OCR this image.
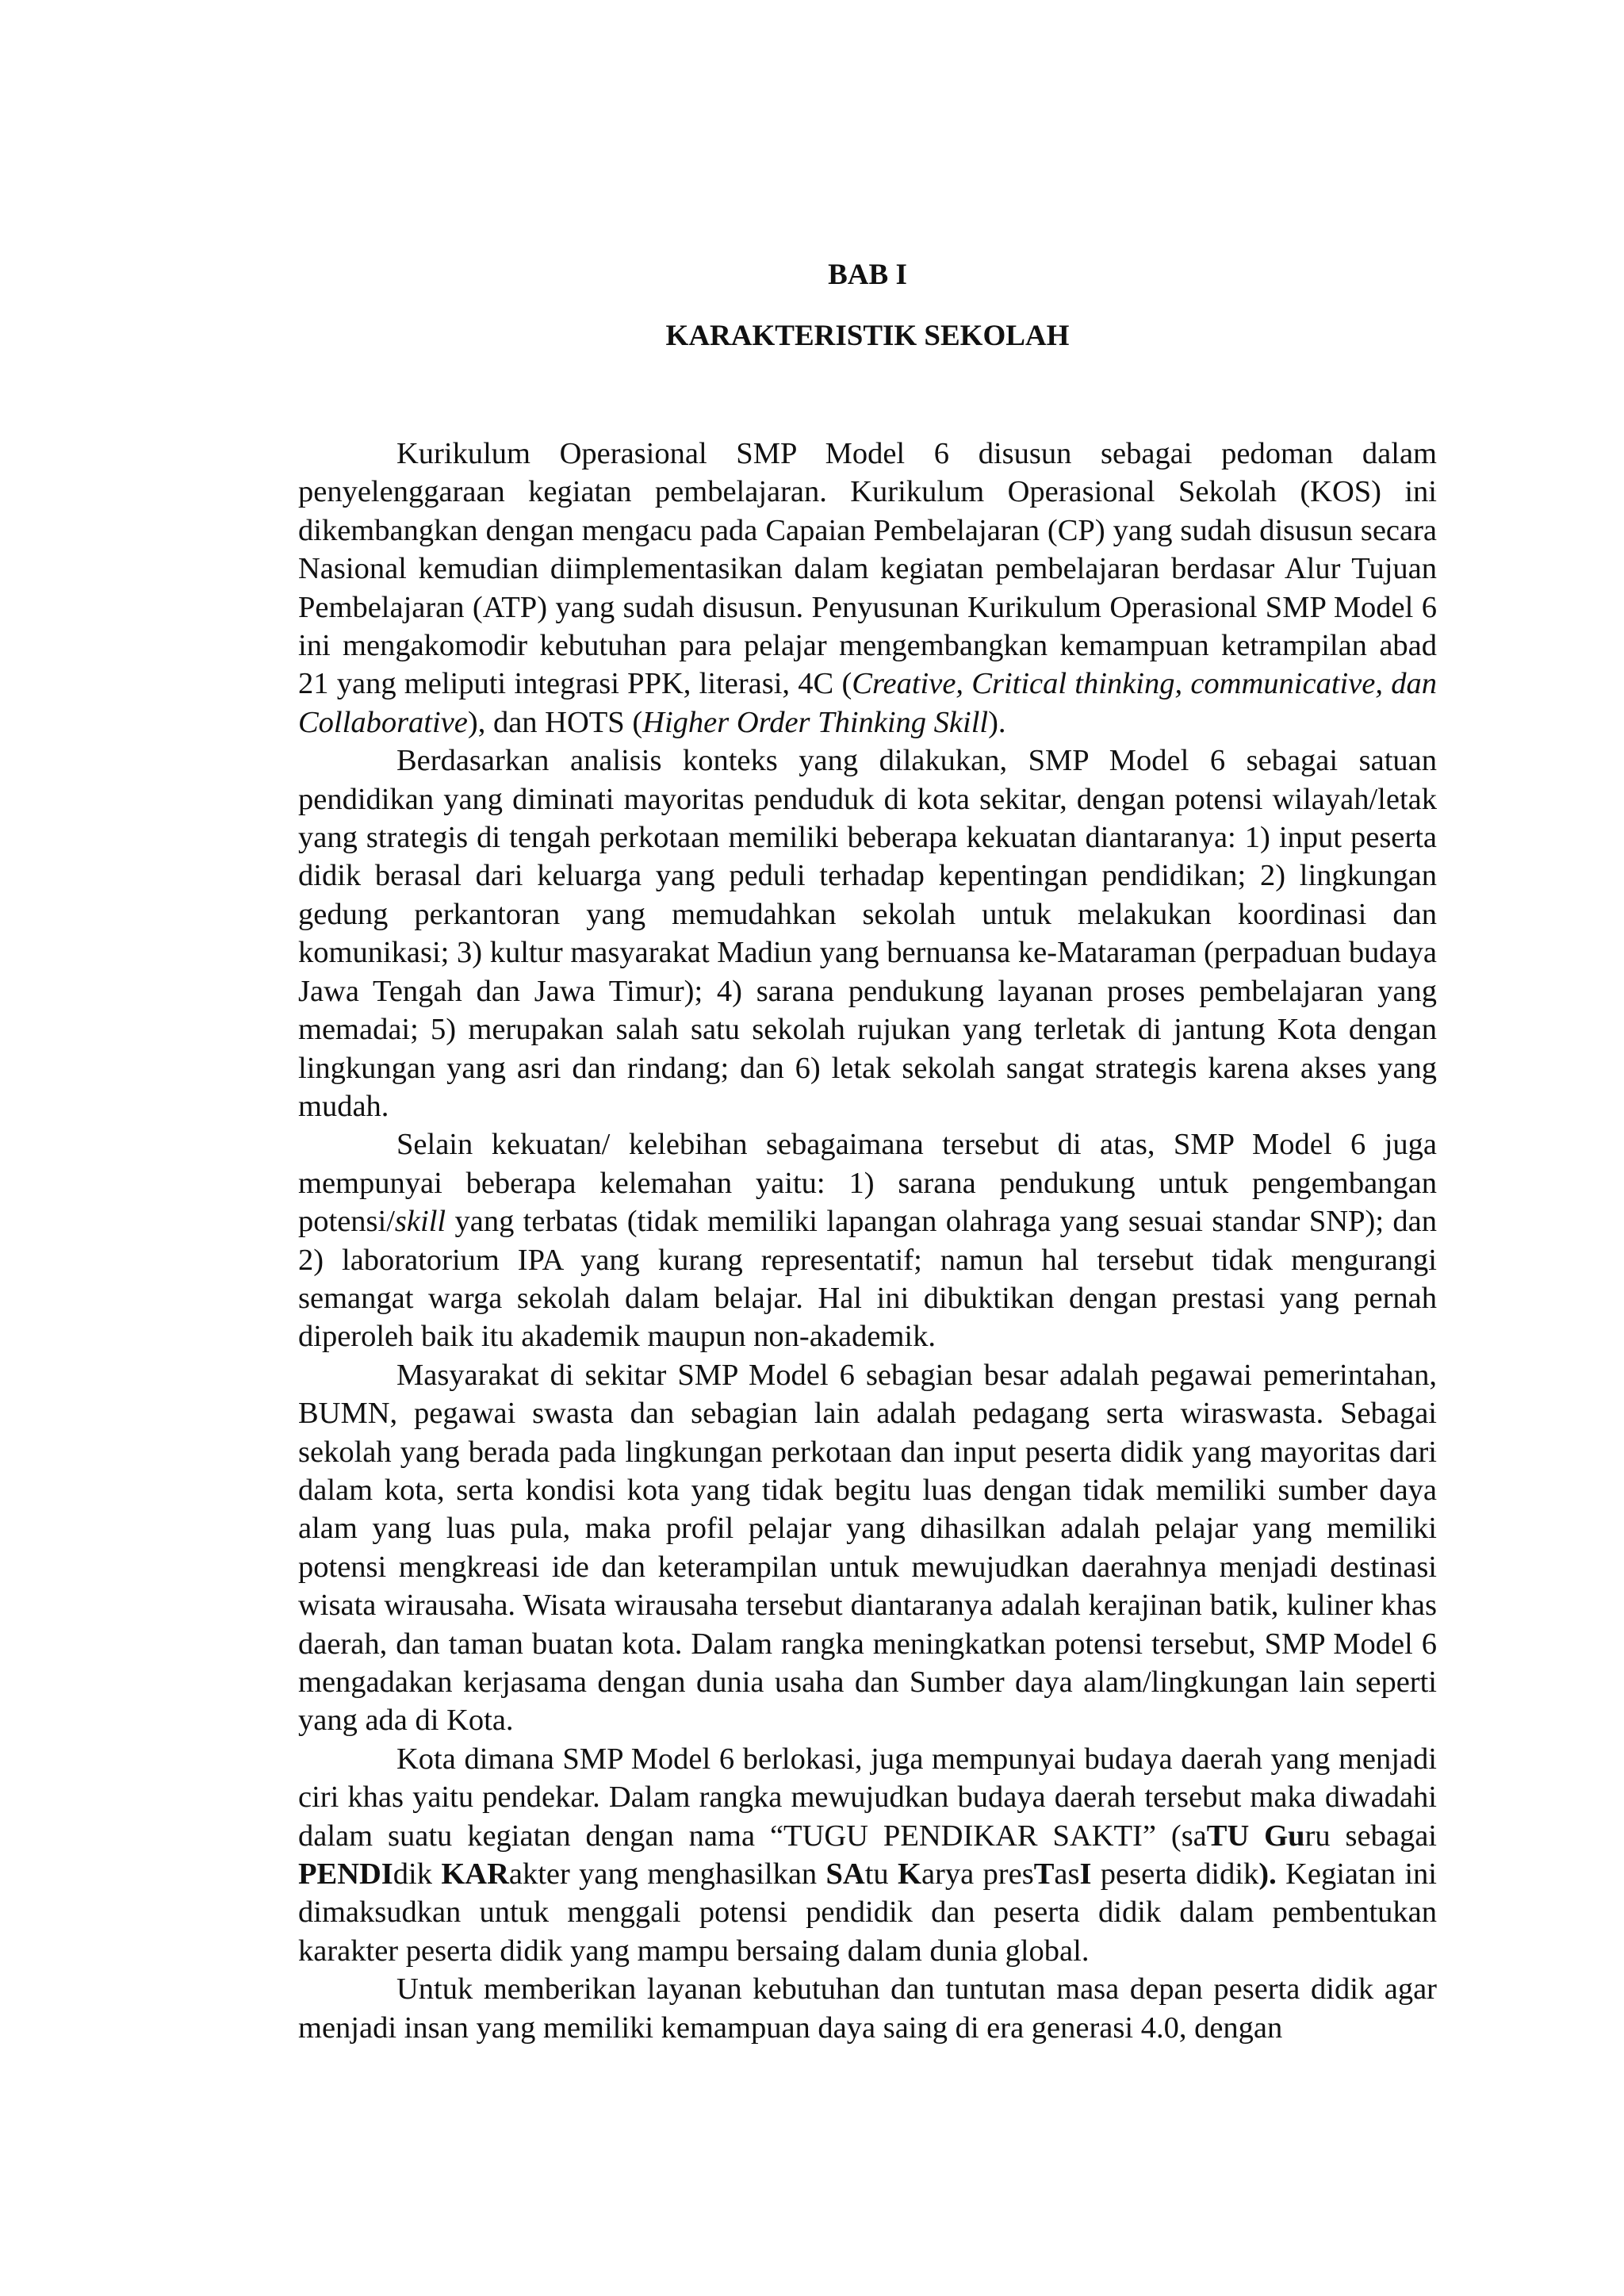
BAB I
KARAKTERISTIK SEKOLAH

Kurikulum Operasional SMP Model 6 disusun sebagai pedoman dalam penyelenggaraan kegiatan pembelajaran. Kurikulum Operasional Sekolah (KOS) ini dikembangkan dengan mengacu pada Capaian Pembelajaran (CP) yang sudah disusun secara Nasional kemudian diimplementasikan dalam kegiatan pembelajaran berdasar Alur Tujuan Pembelajaran (ATP) yang sudah disusun. Penyusunan Kurikulum Operasional SMP Model 6 ini mengakomodir kebutuhan para pelajar mengembangkan kemampuan ketrampilan abad 21 yang meliputi integrasi PPK, literasi, 4C (Creative, Critical thinking, communicative, dan Collaborative), dan HOTS (Higher Order Thinking Skill).

Berdasarkan analisis konteks yang dilakukan, SMP Model 6 sebagai satuan pendidikan yang diminati mayoritas penduduk di kota sekitar, dengan potensi wilayah/letak yang strategis di tengah perkotaan memiliki beberapa kekuatan diantaranya: 1) input peserta didik berasal dari keluarga yang peduli terhadap kepentingan pendidikan; 2) lingkungan gedung perkantoran yang memudahkan sekolah untuk melakukan koordinasi dan komunikasi; 3) kultur masyarakat Madiun yang bernuansa ke-Mataraman (perpaduan budaya Jawa Tengah dan Jawa Timur); 4) sarana pendukung layanan proses pembelajaran yang memadai; 5) merupakan salah satu sekolah rujukan yang terletak di jantung Kota dengan lingkungan yang asri dan rindang; dan 6) letak sekolah sangat strategis karena akses yang mudah.

Selain kekuatan/ kelebihan sebagaimana tersebut di atas, SMP Model 6 juga mempunyai beberapa kelemahan yaitu: 1) sarana pendukung untuk pengembangan potensi/skill yang terbatas (tidak memiliki lapangan olahraga yang sesuai standar SNP); dan 2) laboratorium IPA yang kurang representatif; namun hal tersebut tidak mengurangi semangat warga sekolah dalam belajar. Hal ini dibuktikan dengan prestasi yang pernah diperoleh baik itu akademik maupun non-akademik.

Masyarakat di sekitar SMP Model 6 sebagian besar adalah pegawai pemerintahan, BUMN, pegawai swasta dan sebagian lain adalah pedagang serta wiraswasta. Sebagai sekolah yang berada pada lingkungan perkotaan dan input peserta didik yang mayoritas dari dalam kota, serta kondisi kota yang tidak begitu luas dengan tidak memiliki sumber daya alam yang luas pula, maka profil pelajar yang dihasilkan adalah pelajar yang memiliki potensi mengkreasi ide dan keterampilan untuk mewujudkan daerahnya menjadi destinasi wisata wirausaha. Wisata wirausaha tersebut diantaranya adalah kerajinan batik, kuliner khas daerah, dan taman buatan kota. Dalam rangka meningkatkan potensi tersebut, SMP Model 6 mengadakan kerjasama dengan dunia usaha dan Sumber daya alam/lingkungan lain seperti yang ada di Kota.

Kota dimana SMP Model 6 berlokasi, juga mempunyai budaya daerah yang menjadi ciri khas yaitu pendekar. Dalam rangka mewujudkan budaya daerah tersebut maka diwadahi dalam suatu kegiatan dengan nama “TUGU PENDIKAR SAKTI” (saTU Guru sebagai PENDIdik KARakter yang menghasilkan SAtu Karya presTasI peserta didik). Kegiatan ini dimaksudkan untuk menggali potensi pendidik dan peserta didik dalam pembentukan karakter peserta didik yang mampu bersaing dalam dunia global.

Untuk memberikan layanan kebutuhan dan tuntutan masa depan peserta didik agar menjadi insan yang memiliki kemampuan daya saing di era generasi 4.0, dengan
